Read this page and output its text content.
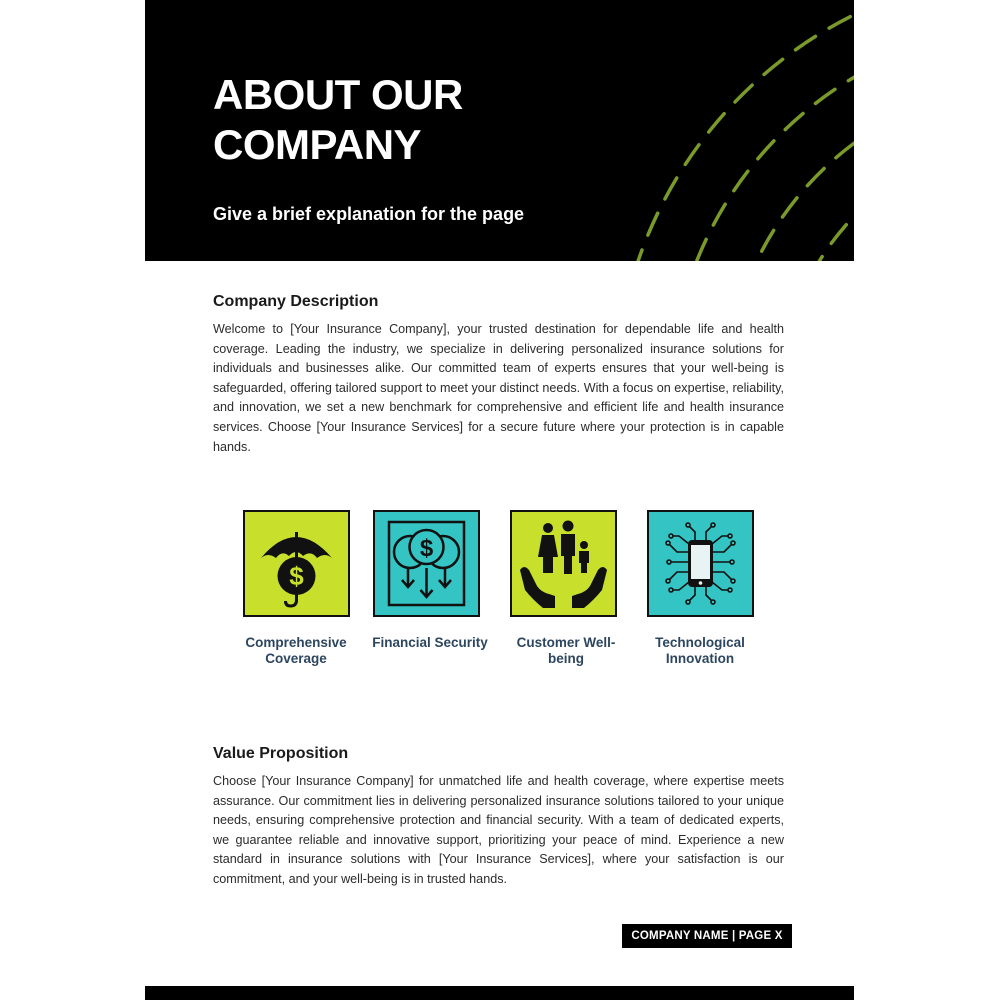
ABOUT OUR COMPANY

Give a brief explanation for the page

Company Description

Welcome to [Your Insurance Company], your trusted destination for dependable life and health coverage. Leading the industry, we specialize in delivering personalized insurance solutions for individuals and businesses alike. Our committed team of experts ensures that your well-being is safeguarded, offering tailored support to meet your distinct needs. With a focus on expertise, reliability, and innovation, we set a new benchmark for comprehensive and efficient life and health insurance services. Choose [Your Insurance Services] for a secure future where your protection is in capable hands.

$
$
Comprehensive Coverage
Financial Security	Customer Well-being
Technological Innovation
Value Proposition

Choose [Your Insurance Company] for unmatched life and health coverage, where expertise meets assurance. Our commitment lies in delivering personalized insurance solutions tailored to your unique needs, ensuring comprehensive protection and financial security. With a team of dedicated experts, we guarantee reliable and innovative support, prioritizing your peace of mind. Experience a new standard in insurance solutions with [Your Insurance Services], where your satisfaction is our commitment, and your well-being is in trusted hands.

COMPANY NAME | PAGE X
